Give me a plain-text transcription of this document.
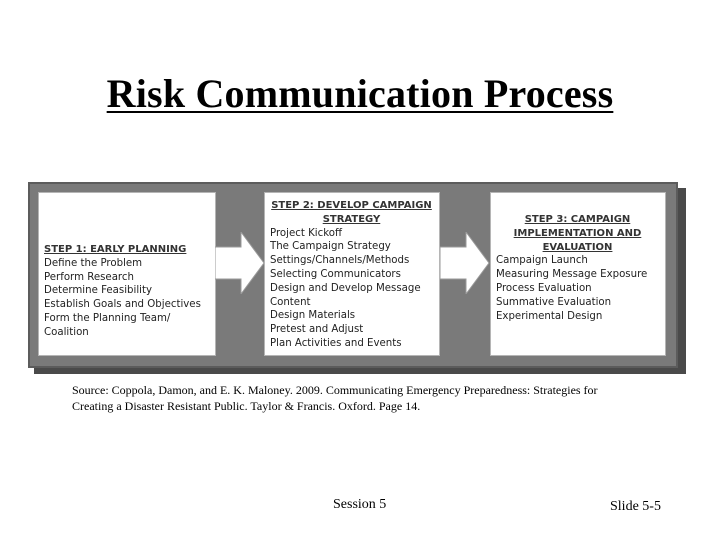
Risk Communication Process
STEP 1: EARLY PLANNING
Define the Problem
Perform Research
Determine Feasibility
Establish Goals and Objectives
Form the Planning Team/
Coalition
STEP 2: DEVELOP CAMPAIGN
STRATEGY
Project Kickoff
The Campaign Strategy
Settings/Channels/Methods
Selecting Communicators
Design and Develop Message
Content
Design Materials
Pretest and Adjust
Plan Activities and Events
STEP 3: CAMPAIGN
IMPLEMENTATION AND
EVALUATION
Campaign Launch
Measuring Message Exposure
Process Evaluation
Summative Evaluation
Experimental Design
Source: Coppola, Damon, and E. K. Maloney. 2009. Communicating Emergency Preparedness: Strategies for
Creating a Disaster Resistant Public. Taylor & Francis. Oxford. Page 14.
Session 5	Slide 5-5
